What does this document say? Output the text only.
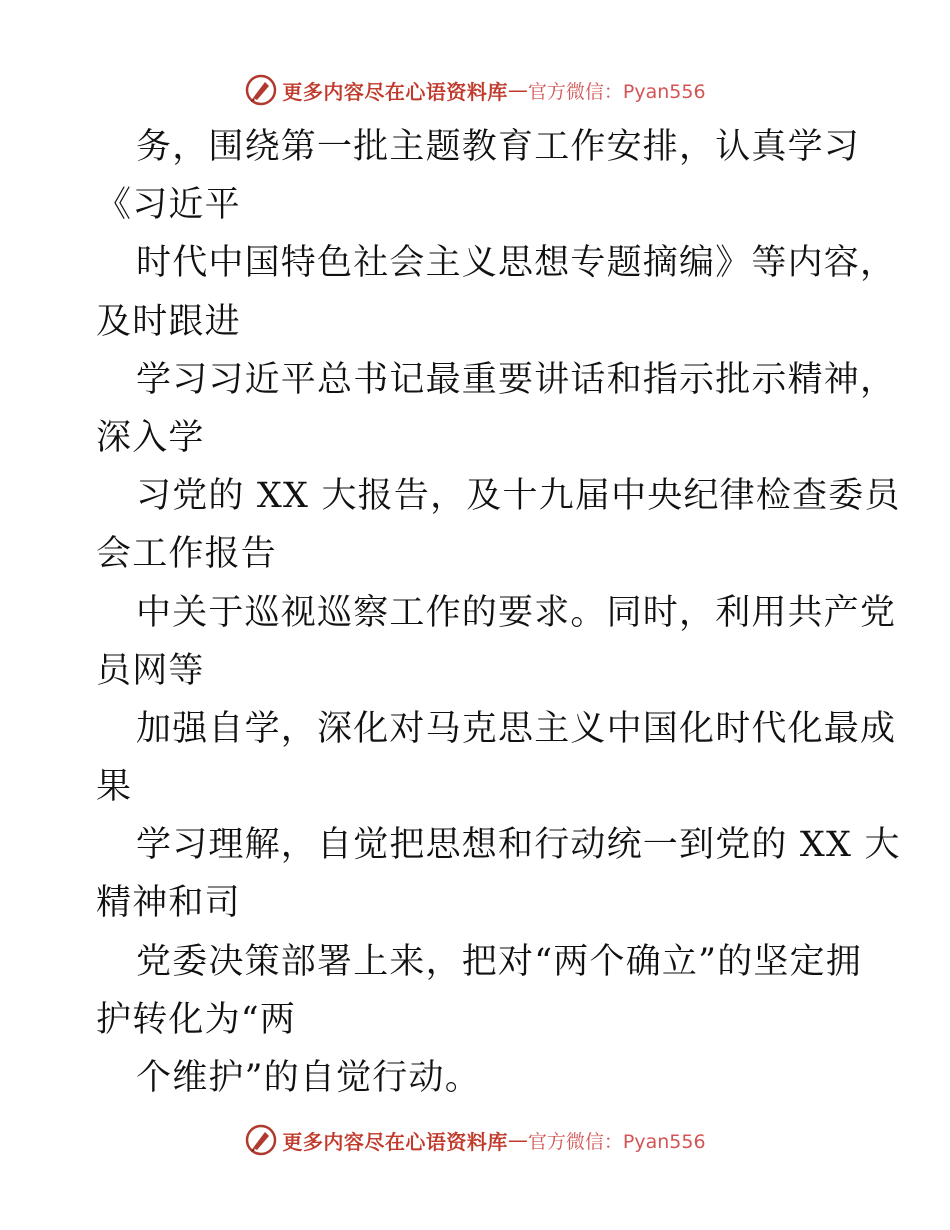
更多内容尽在心语资料库 — 官方微信：Pyan556
务，围绕第一批主题教育工作安排，认真学习
《习近平
时代中国特色社会主义思想专题摘编》等内容，
及时跟进
学习习近平总书记最重要讲话和指示批示精神，
深入学
习党的 XX 大报告，及十九届中央纪律检查委员
会工作报告
中关于巡视巡察工作的要求。同时，利用共产党
员网等
加强自学，深化对马克思主义中国化时代化最成
果
学习理解，自觉把思想和行动统一到党的 XX 大
精神和司
党委决策部署上来，把对“两个确立”的坚定拥
护转化为“两
个维护”的自觉行动。
更多内容尽在心语资料库 — 官方微信：Pyan556
